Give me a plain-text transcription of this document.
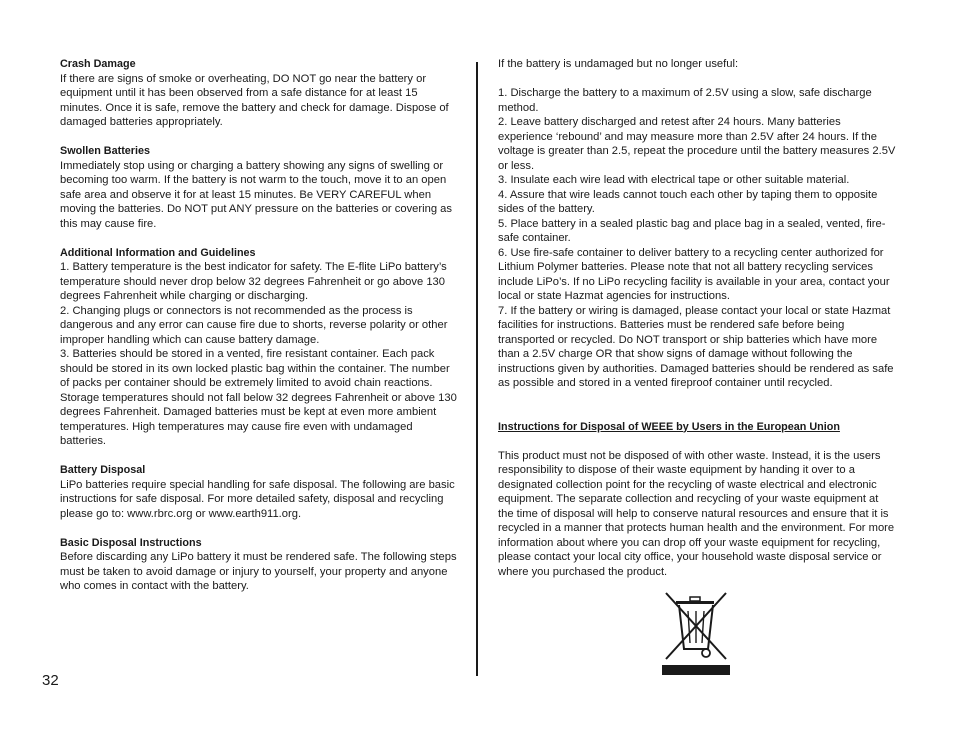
Crash Damage
If there are signs of smoke or overheating, DO NOT go near the battery or equipment until it has been observed from a safe distance for at least 15 minutes. Once it is safe, remove the battery and check for damage. Dispose of damaged batteries appropriately.
Swollen Batteries
Immediately stop using or charging a battery showing any signs of swelling or becoming too warm. If the battery is not warm to the touch, move it to an open safe area and observe it for at least 15 minutes. Be VERY CAREFUL when moving the batteries. Do NOT put ANY pressure on the batteries or covering as this may cause fire.
Additional Information and Guidelines
1. Battery temperature is the best indicator for safety. The E-flite LiPo battery’s temperature should never drop below 32 degrees Fahrenheit or go above 130 degrees Fahrenheit while charging or discharging.
2. Changing plugs or connectors is not recommended as the process is dangerous and any error can cause fire due to shorts, reverse polarity or other improper handling which can cause battery damage.
3. Batteries should be stored in a vented, fire resistant container. Each pack should be stored in its own locked plastic bag within the container. The number of packs per container should be extremely limited to avoid chain reactions. Storage temperatures should not fall below 32 degrees Fahrenheit or above 130 degrees Fahrenheit. Damaged batteries must be kept at even more ambient temperatures. High temperatures may cause fire even with undamaged batteries.
Battery Disposal
LiPo batteries require special handling for safe disposal. The following are basic instructions for safe disposal. For more detailed safety, disposal and recycling please go to: www.rbrc.org or www.earth911.org.
Basic Disposal Instructions
Before discarding any LiPo battery it must be rendered safe. The following steps must be taken to avoid damage or injury to yourself, your property and anyone who comes in contact with the battery.
If the battery is undamaged but no longer useful:
1. Discharge the battery to a maximum of 2.5V using a slow, safe discharge method.
2. Leave battery discharged and retest after 24 hours. Many batteries experience ‘rebound’ and may measure more than 2.5V after 24 hours. If the voltage is greater than 2.5, repeat the procedure until the battery measures 2.5V or less.
3. Insulate each wire lead with electrical tape or other suitable material.
4. Assure that wire leads cannot touch each other by taping them to opposite sides of the battery.
5. Place battery in a sealed plastic bag and place bag in a sealed, vented, fire-safe container.
6. Use fire-safe container to deliver battery to a recycling center authorized for Lithium Polymer batteries. Please note that not all battery recycling services include LiPo’s. If no LiPo recycling facility is available in your area, contact your local or state Hazmat agencies for instructions.
7. If the battery or wiring is damaged, please contact your local or state Hazmat facilities for instructions. Batteries must be rendered safe before being transported or recycled. Do NOT transport or ship batteries which have more than a 2.5V charge OR that show signs of damage without following the instructions given by authorities. Damaged batteries should be rendered as safe as possible and stored in a vented fireproof container until recycled.
Instructions for Disposal of WEEE by Users in the European Union
This product must not be disposed of with other waste. Instead, it is the users responsibility to dispose of their waste equipment by handing it over to a designated collection point for the recycling of waste electrical and electronic equipment. The separate collection and recycling of your waste equipment at the time of disposal will help to conserve natural resources and ensure that it is recycled in a manner that protects human health and the environment. For more information about where you can drop off your waste equipment for recycling, please contact your local city office, your household waste disposal service or where you purchased the product.
32
